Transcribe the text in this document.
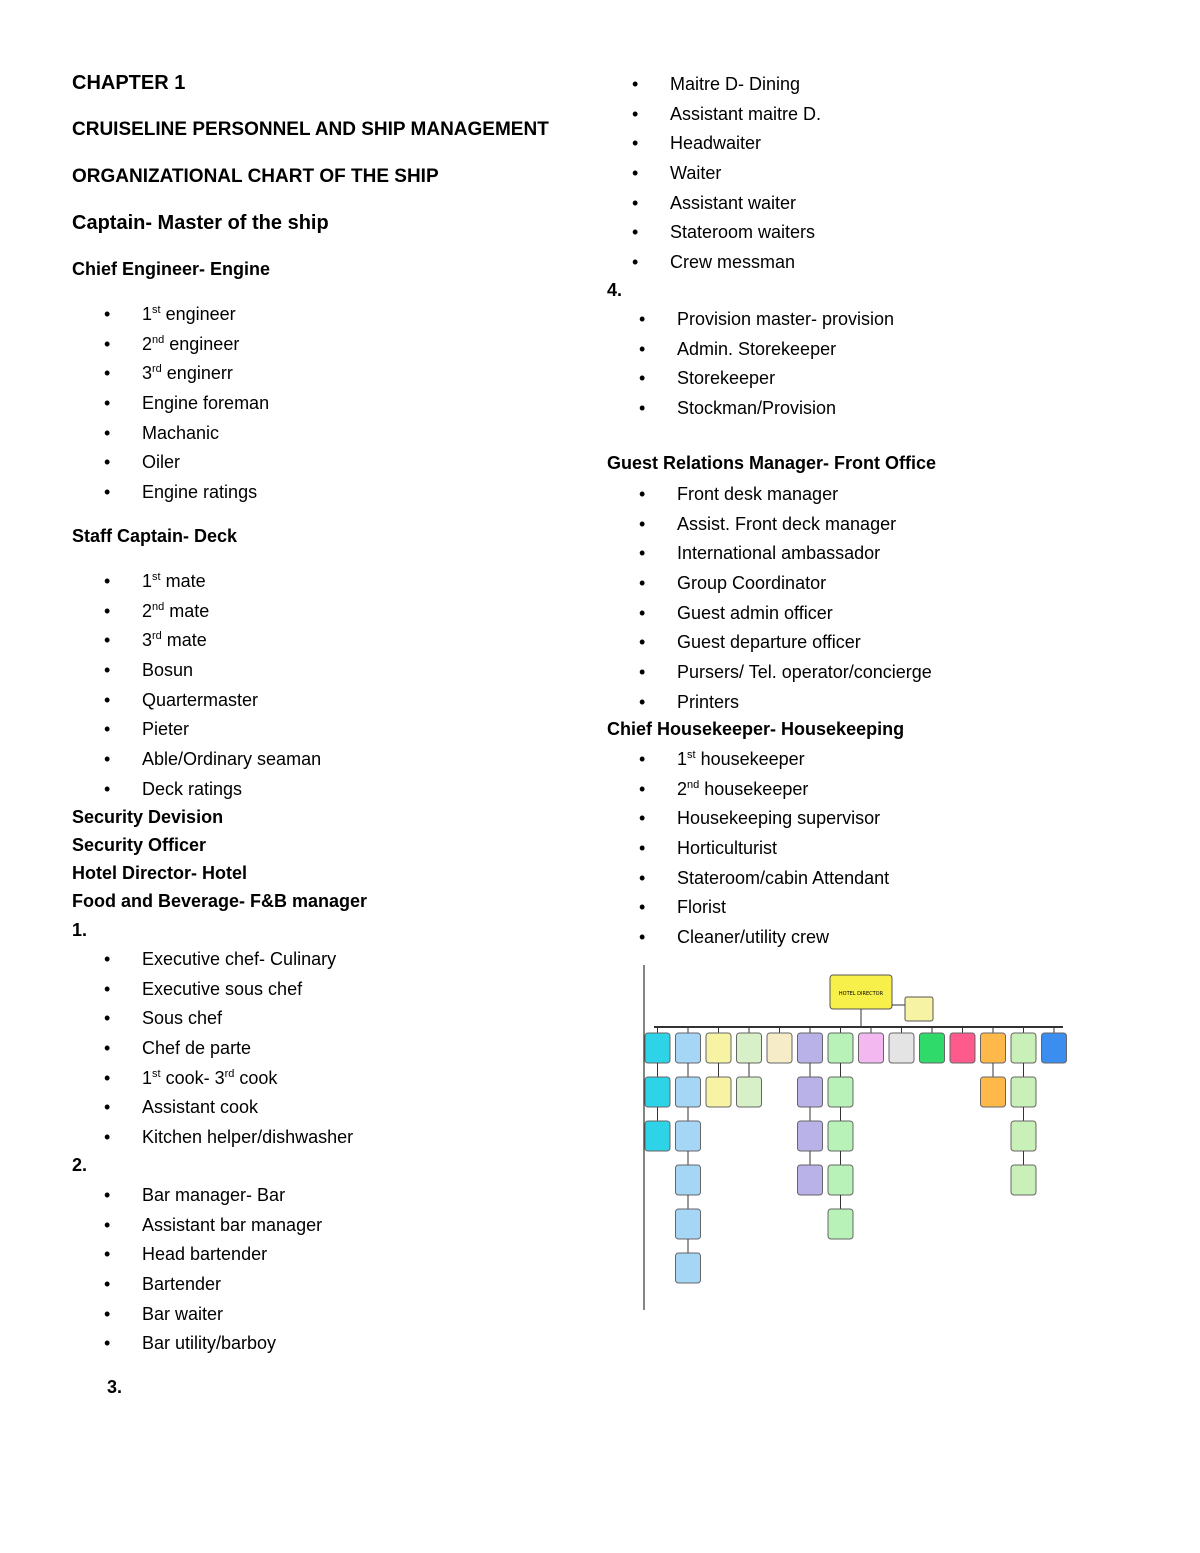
CHAPTER 1
CRUISELINE PERSONNEL AND SHIP MANAGEMENT
ORGANIZATIONAL CHART OF THE SHIP
Captain- Master of the ship
Chief Engineer- Engine
• 1st engineer
• 2nd engineer
• 3rd enginerr
• Engine foreman
• Machanic
• Oiler
• Engine ratings
Staff Captain- Deck
• 1st mate
• 2nd mate
• 3rd mate
• Bosun
• Quartermaster
• Pieter
• Able/Ordinary seaman
• Deck ratings
Security Devision
Security Officer
Hotel Director- Hotel
Food and Beverage- F&B manager
1.
• Executive chef- Culinary
• Executive sous chef
• Sous chef
• Chef de parte
• 1st cook- 3rd cook
• Assistant cook
• Kitchen helper/dishwasher
2.
• Bar manager- Bar
• Assistant bar manager
• Head bartender
• Bartender
• Bar waiter
• Bar utility/barboy
3.
• Maitre D- Dining
• Assistant maitre D.
• Headwaiter
• Waiter
• Assistant waiter
• Stateroom waiters
• Crew messman
4.
• Provision master- provision
• Admin. Storekeeper
• Storekeeper
• Stockman/Provision
Guest Relations Manager- Front Office
• Front desk manager
• Assist. Front deck manager
• International ambassador
• Group Coordinator
• Guest admin officer
• Guest departure officer
• Pursers/ Tel. operator/concierge
• Printers
Chief Housekeeper- Housekeeping
• 1st housekeeper
• 2nd housekeeper
• Housekeeping supervisor
• Horticulturist
• Stateroom/cabin Attendant
• Florist
• Cleaner/utility crew
HOTEL DIRECTOR
